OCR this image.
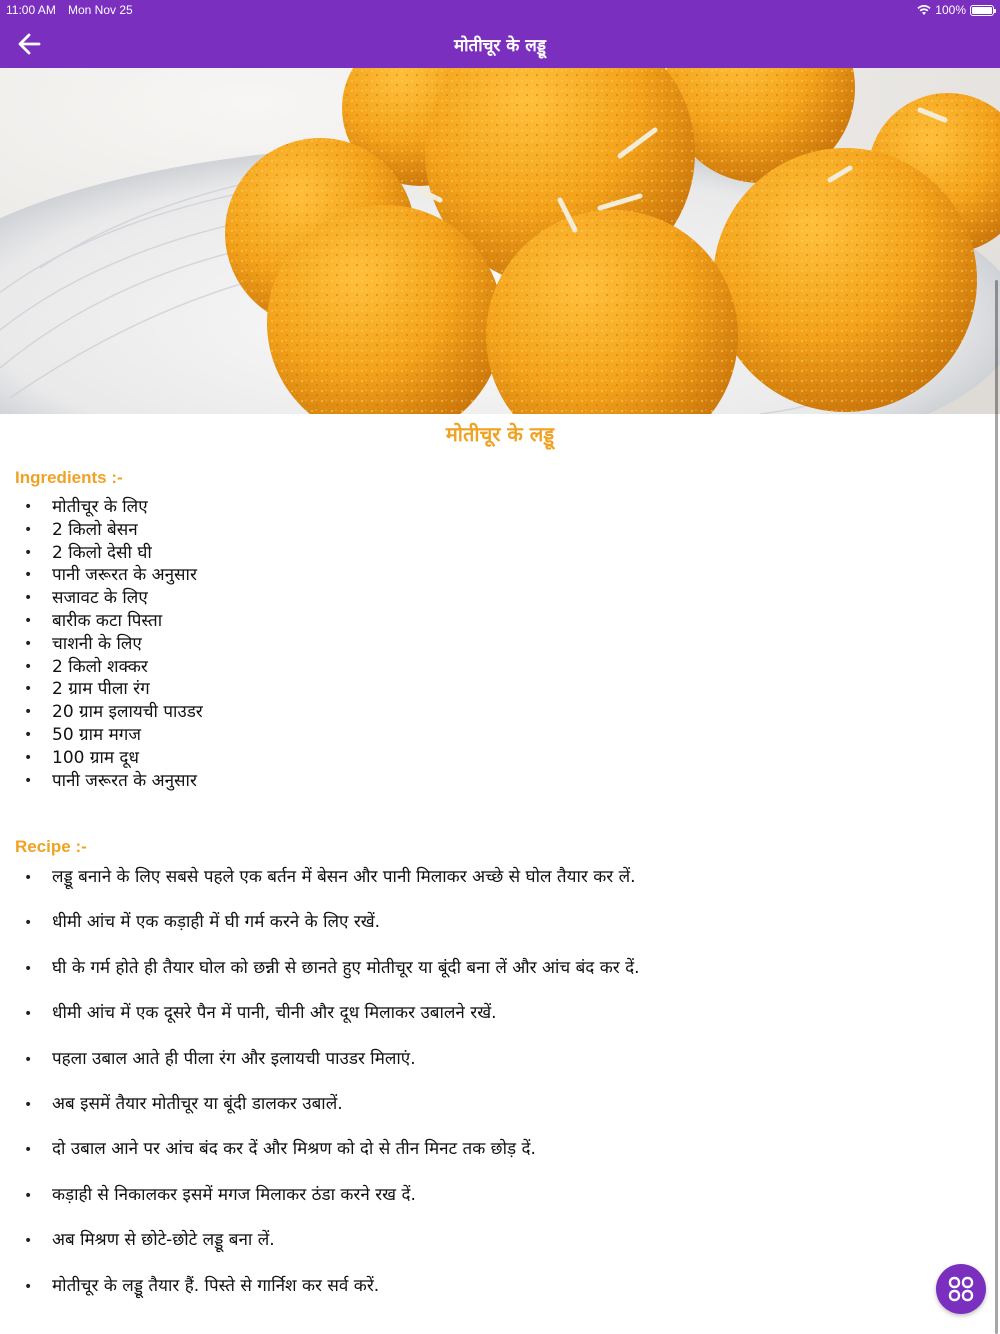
11:00 AM Mon Nov 25	100%
मोतीचूर के लड्डू
मोतीचूर के लड्डू
Ingredients :-
• मोतीचूर के लिए
• 2 किलो बेसन
• 2 किलो देसी घी
• पानी जरूरत के अनुसार
• सजावट के लिए
• बारीक कटा पिस्ता
• चाशनी के लिए
• 2 किलो शक्कर
• 2 ग्राम पीला रंग
• 20 ग्राम इलायची पाउडर
• 50 ग्राम मगज
• 100 ग्राम दूध
• पानी जरूरत के अनुसार
Recipe :-
• लड्डू बनाने के लिए सबसे पहले एक बर्तन में बेसन और पानी मिलाकर अच्छे से घोल तैयार कर लें.
• धीमी आंच में एक कड़ाही में घी गर्म करने के लिए रखें.
• घी के गर्म होते ही तैयार घोल को छन्नी से छानते हुए मोतीचूर या बूंदी बना लें और आंच बंद कर दें.
• धीमी आंच में एक दूसरे पैन में पानी, चीनी और दूध मिलाकर उबालने रखें.
• पहला उबाल आते ही पीला रंग और इलायची पाउडर मिलाएं.
• अब इसमें तैयार मोतीचूर या बूंदी डालकर उबालें.
• दो उबाल आने पर आंच बंद कर दें और मिश्रण को दो से तीन मिनट तक छोड़ दें.
• कड़ाही से निकालकर इसमें मगज मिलाकर ठंडा करने रख दें.
• अब मिश्रण से छोटे-छोटे लड्डू बना लें.
• मोतीचूर के लड्डू तैयार हैं. पिस्ते से गार्निश कर सर्व करें.
